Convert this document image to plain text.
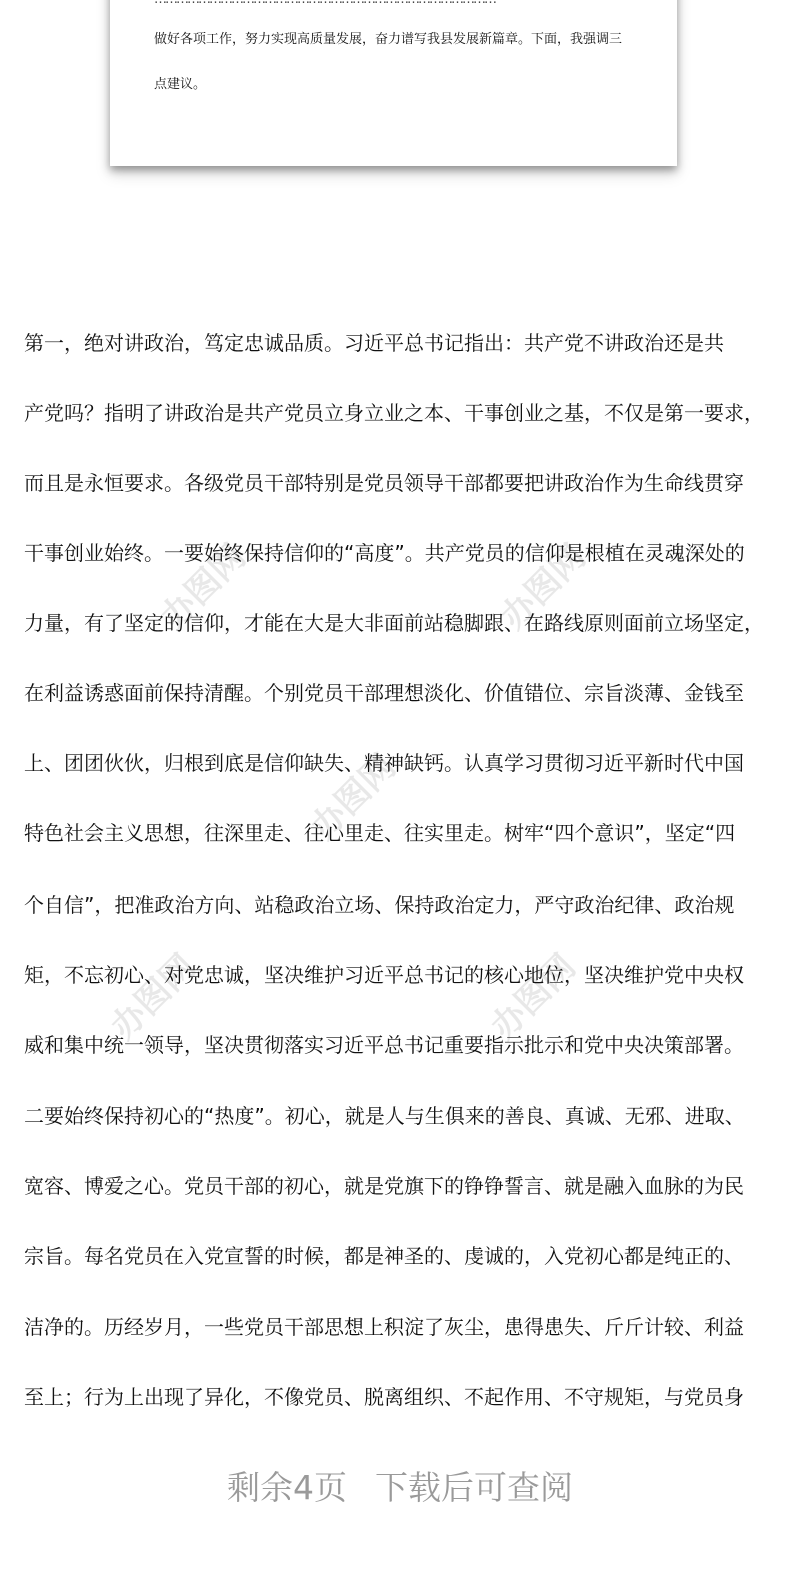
做好各项工作，努力实现高质量发展，奋力谱写我县发展新篇章。下面，我强调三
点建议。
办图网	办图网
办图网
办图网	办图网
第一，绝对讲政治，笃定忠诚品质。习近平总书记指出：共产党不讲政治还是共
产党吗？指明了讲政治是共产党员立身立业之本、干事创业之基，不仅是第一要求，
而且是永恒要求。各级党员干部特别是党员领导干部都要把讲政治作为生命线贯穿
干事创业始终。一要始终保持信仰的“高度”。共产党员的信仰是根植在灵魂深处的
力量，有了坚定的信仰，才能在大是大非面前站稳脚跟、在路线原则面前立场坚定，
在利益诱惑面前保持清醒。个别党员干部理想淡化、价值错位、宗旨淡薄、金钱至
上、团团伙伙，归根到底是信仰缺失、精神缺钙。认真学习贯彻习近平新时代中国
特色社会主义思想，往深里走、往心里走、往实里走。树牢“四个意识”，坚定“四
个自信”，把准政治方向、站稳政治立场、保持政治定力，严守政治纪律、政治规
矩，不忘初心、对党忠诚，坚决维护习近平总书记的核心地位，坚决维护党中央权
威和集中统一领导，坚决贯彻落实习近平总书记重要指示批示和党中央决策部署。
二要始终保持初心的“热度”。初心，就是人与生俱来的善良、真诚、无邪、进取、
宽容、博爱之心。党员干部的初心，就是党旗下的铮铮誓言、就是融入血脉的为民
宗旨。每名党员在入党宣誓的时候，都是神圣的、虔诚的，入党初心都是纯正的、
洁净的。历经岁月，一些党员干部思想上积淀了灰尘，患得患失、斤斤计较、利益
至上；行为上出现了异化，不像党员、脱离组织、不起作用、不守规矩，与党员身
剩余4页 下载后可查阅
